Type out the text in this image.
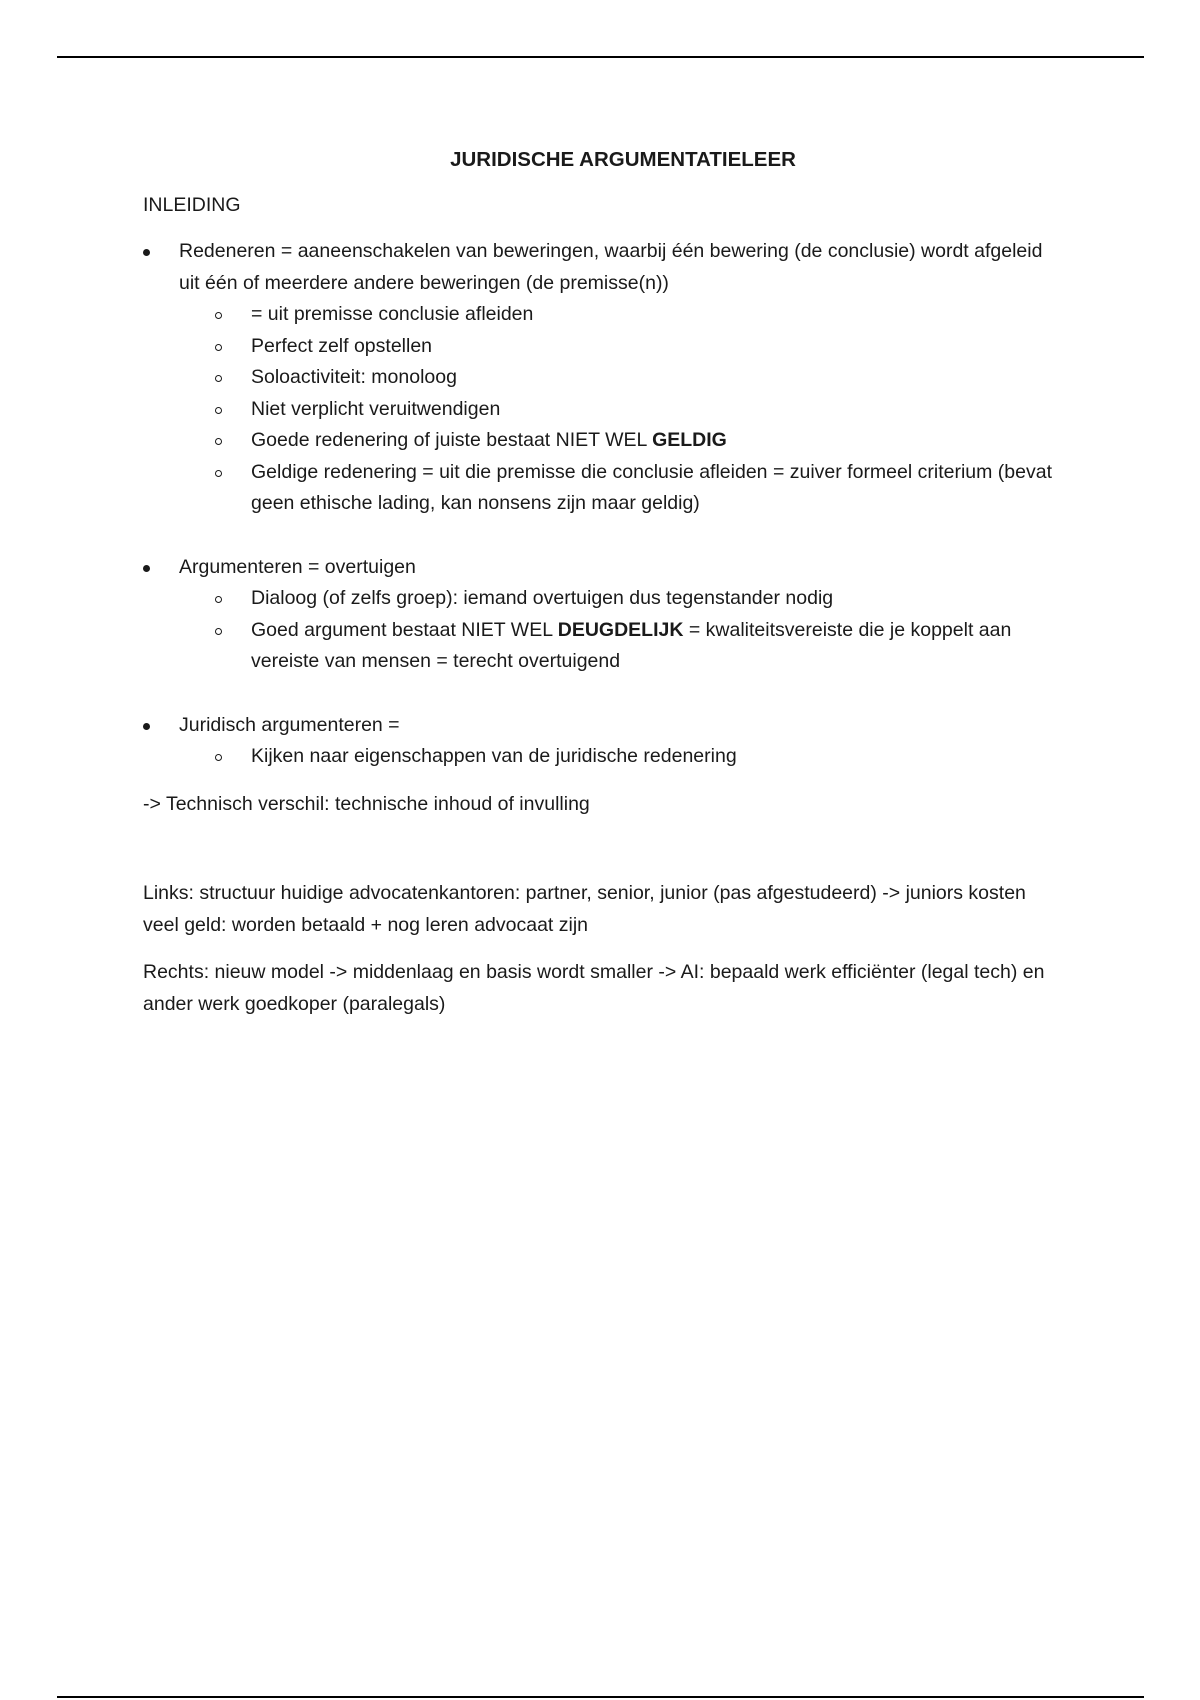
JURIDISCHE ARGUMENTATIELEER
INLEIDING
Redeneren = aaneenschakelen van beweringen, waarbij één bewering (de conclusie) wordt afgeleid uit één of meerdere andere beweringen (de premisse(n))
= uit premisse conclusie afleiden
Perfect zelf opstellen
Soloactiviteit: monoloog
Niet verplicht veruitwendigen
Goede redenering of juiste bestaat NIET WEL GELDIG
Geldige redenering = uit die premisse die conclusie afleiden = zuiver formeel criterium (bevat geen ethische lading, kan nonsens zijn maar geldig)
Argumenteren = overtuigen
Dialoog (of zelfs groep): iemand overtuigen dus tegenstander nodig
Goed argument bestaat NIET WEL DEUGDELIJK = kwaliteitsvereiste die je koppelt aan vereiste van mensen = terecht overtuigend
Juridisch argumenteren =
Kijken naar eigenschappen van de juridische redenering

-> Technisch verschil: technische inhoud of invulling

Links: structuur huidige advocatenkantoren: partner, senior, junior (pas afgestudeerd) -> juniors kosten veel geld: worden betaald + nog leren advocaat zijn

Rechts: nieuw model -> middenlaag en basis wordt smaller -> AI: bepaald werk efficiënter (legal tech) en ander werk goedkoper (paralegals)
